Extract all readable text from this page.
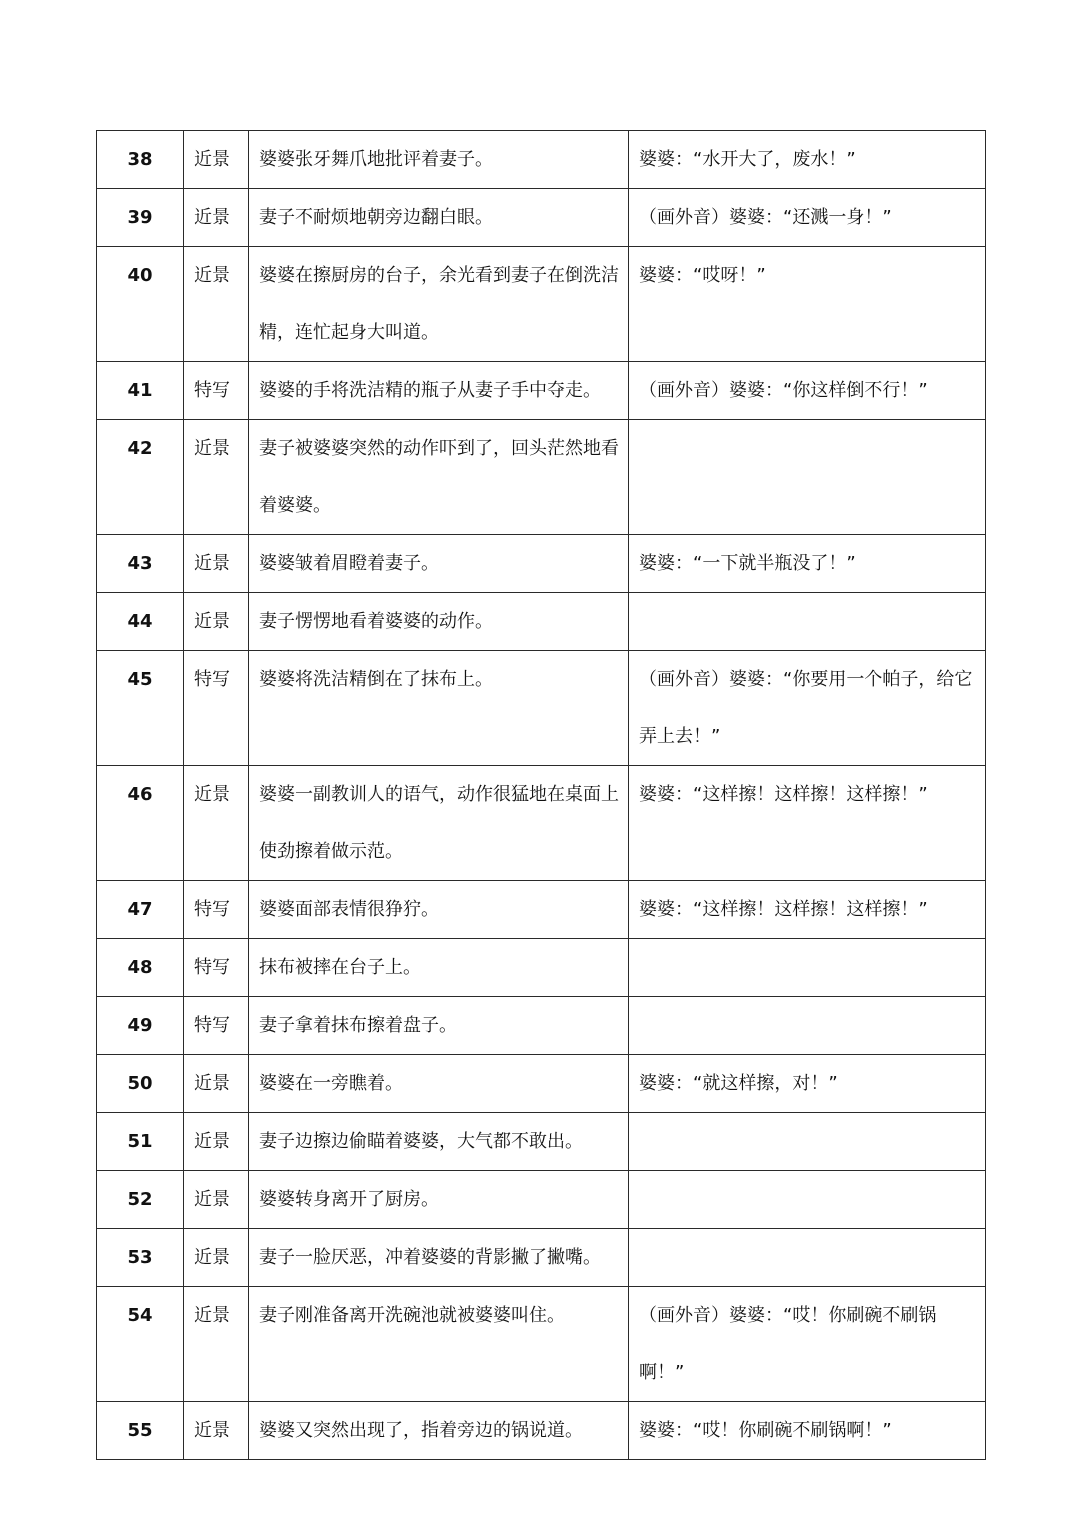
38	近景	婆婆张牙舞爪地批评着妻子。	婆婆：“水开大了，废水！”
39	近景	妻子不耐烦地朝旁边翻白眼。	（画外音）婆婆：“还溅一身！”
40	近景	婆婆在擦厨房的台子，余光看到妻子在倒洗洁精，连忙起身大叫道。	婆婆：“哎呀！”
41	特写	婆婆的手将洗洁精的瓶子从妻子手中夺走。	（画外音）婆婆：“你这样倒不行！”
42	近景	妻子被婆婆突然的动作吓到了，回头茫然地看着婆婆。	
43	近景	婆婆皱着眉瞪着妻子。	婆婆：“一下就半瓶没了！”
44	近景	妻子愣愣地看着婆婆的动作。	
45	特写	婆婆将洗洁精倒在了抹布上。	（画外音）婆婆：“你要用一个帕子，给它弄上去！”
46	近景	婆婆一副教训人的语气，动作很猛地在桌面上使劲擦着做示范。	婆婆：“这样擦！这样擦！这样擦！”
47	特写	婆婆面部表情很狰狞。	婆婆：“这样擦！这样擦！这样擦！”
48	特写	抹布被摔在台子上。	
49	特写	妻子拿着抹布擦着盘子。	
50	近景	婆婆在一旁瞧着。	婆婆：“就这样擦，对！”
51	近景	妻子边擦边偷瞄着婆婆，大气都不敢出。	
52	近景	婆婆转身离开了厨房。	
53	近景	妻子一脸厌恶，冲着婆婆的背影撇了撇嘴。	
54	近景	妻子刚准备离开洗碗池就被婆婆叫住。	（画外音）婆婆：“哎！你刷碗不刷锅啊！”
55	近景	婆婆又突然出现了，指着旁边的锅说道。	婆婆：“哎！你刷碗不刷锅啊！”
